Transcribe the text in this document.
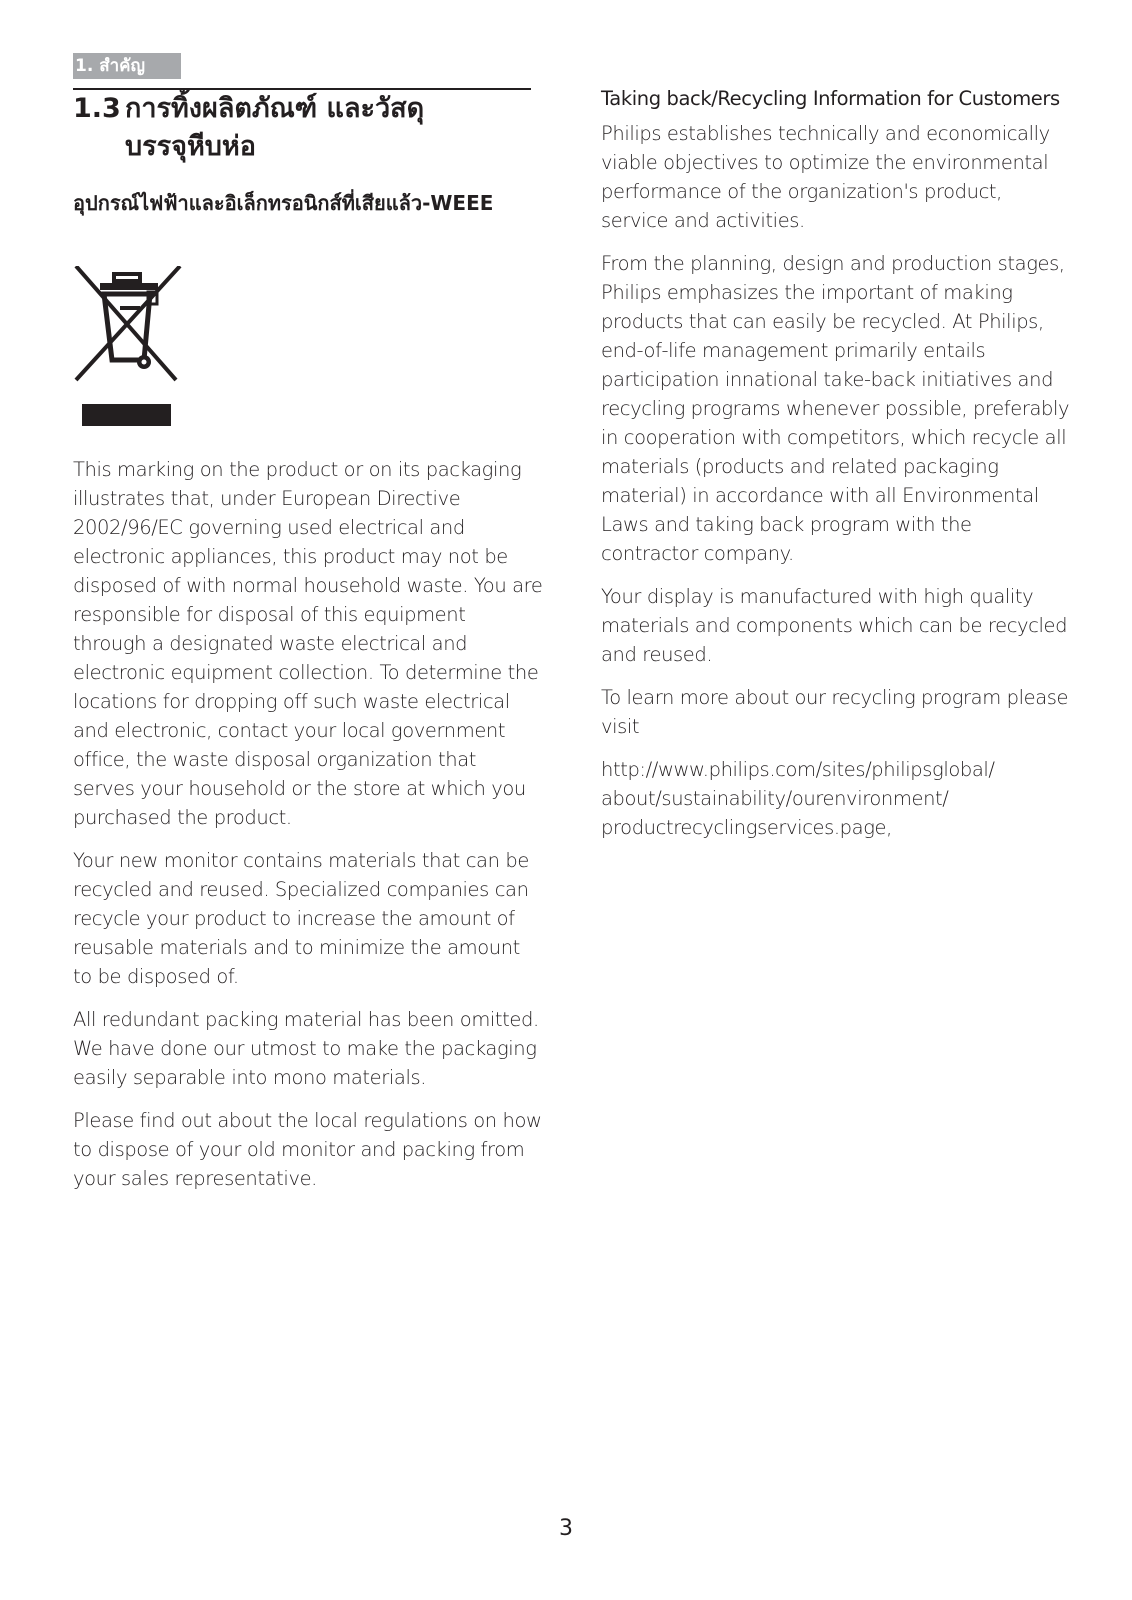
1. สำคัญ
1.3 การทิ้งผลิตภัณฑ์ และวัสดุ
บรรจุหีบห่อ
อุปกรณ์ไฟฟ้าและอิเล็กทรอนิกส์ที่เสียแล้ว-WEEE

This marking on the product or on its packaging illustrates that, under European Directive 2002/96/EC governing used electrical and electronic appliances, this product may not be disposed of with normal household waste. You are responsible for disposal of this equipment through a designated waste electrical and electronic equipment collection. To determine the locations for dropping off such waste electrical and electronic, contact your local government office, the waste disposal organization that serves your household or the store at which you purchased the product.

Your new monitor contains materials that can be recycled and reused. Specialized companies can recycle your product to increase the amount of reusable materials and to minimize the amount to be disposed of.

All redundant packing material has been omitted. We have done our utmost to make the packaging easily separable into mono materials.

Please find out about the local regulations on how to dispose of your old monitor and packing from your sales representative.

Taking back/Recycling Information for Customers

Philips establishes technically and economically viable objectives to optimize the environmental performance of the organization's product, service and activities.

From the planning, design and production stages, Philips emphasizes the important of making products that can easily be recycled. At Philips, end-of-life management primarily entails participation innational take-back initiatives and recycling programs whenever possible, preferably in cooperation with competitors, which recycle all materials (products and related packaging material) in accordance with all Environmental Laws and taking back program with the contractor company.

Your display is manufactured with high quality materials and components which can be recycled and reused.

To learn more about our recycling program please visit

http://www.philips.com/sites/philipsglobal/
about/sustainability/ourenvironment/
productrecyclingservices.page,

3
